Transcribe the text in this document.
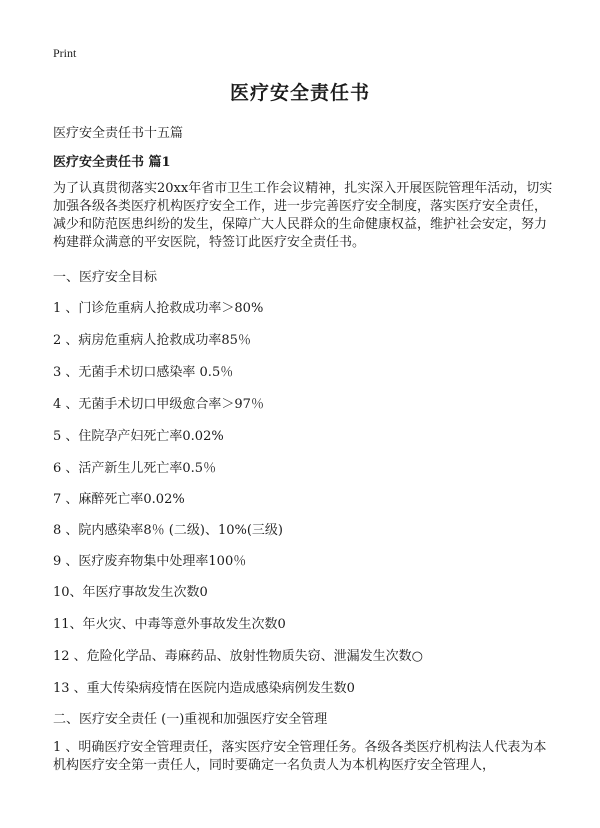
Print
医疗安全责任书
医疗安全责任书十五篇
医疗安全责任书 篇1

为了认真贯彻落实20xx年省市卫生工作会议精神，扎实深入开展医院管理年活动，切实加强各级各类医疗机构医疗安全工作，进一步完善医疗安全制度，落实医疗安全责任，减少和防范医患纠纷的发生，保障广大人民群众的生命健康权益，维护社会安定，努力构建群众满意的平安医院，特签订此医疗安全责任书。

一、医疗安全目标
1 、门诊危重病人抢救成功率＞80%
2 、病房危重病人抢救成功率85％
3 、无菌手术切口感染率 0.5％
4 、无菌手术切口甲级愈合率＞97％
5 、住院孕产妇死亡率0.02%
6 、活产新生儿死亡率0.5％
7 、麻醉死亡率0.02%
8 、院内感染率8％ (二级)、10%(三级)
9 、医疗废弃物集中处理率100％
10、年医疗事故发生次数0
11、年火灾、中毒等意外事故发生次数0
12 、危险化学品、毒麻药品、放射性物质失窃、泄漏发生次数○
13 、重大传染病疫情在医院内造成感染病例发生数0
二、医疗安全责任 (一)重视和加强医疗安全管理

1 、明确医疗安全管理责任，落实医疗安全管理任务。各级各类医疗机构法人代表为本机构医疗安全第一责任人，同时要确定一名负责人为本机构医疗安全管理人，
